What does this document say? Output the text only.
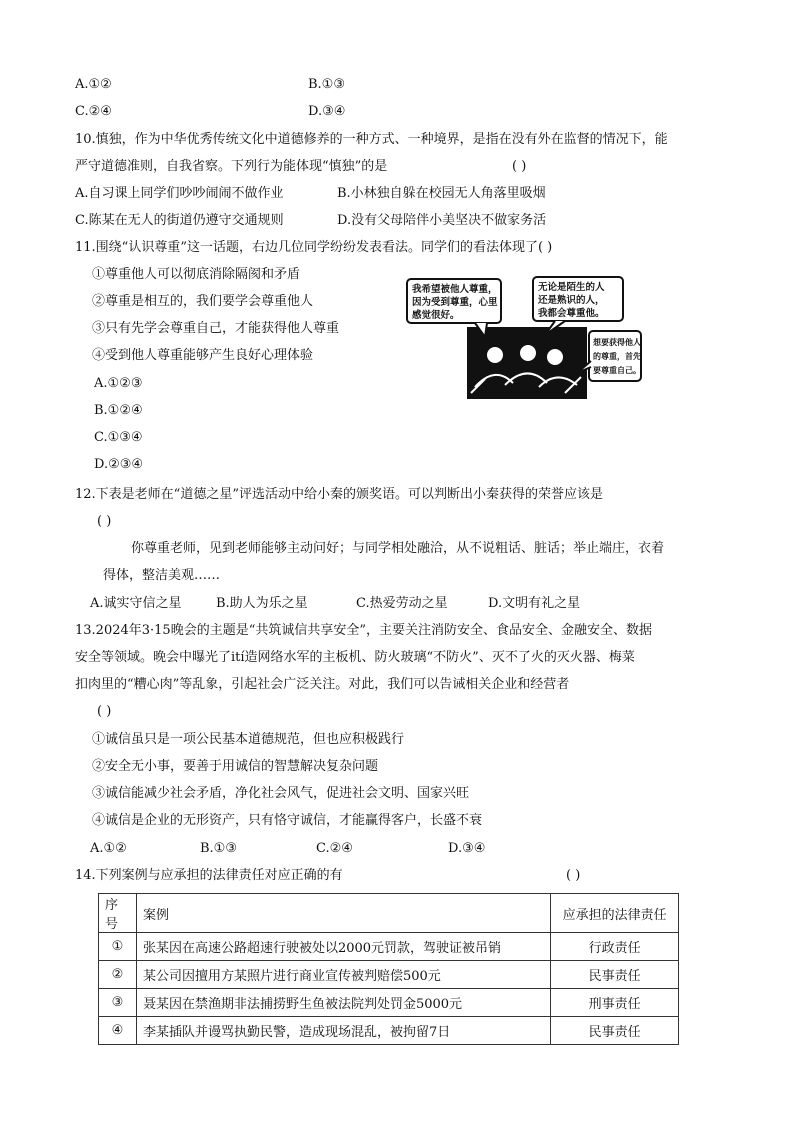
A.①②	B.①③
C.②④	D.③④
10.慎独，作为中华优秀传统文化中道德修养的一种方式、一种境界，是指在没有外在监督的情况下，能
严守道德准则，自我省察。下列行为能体现“慎独”的是	( )
A.自习课上同学们吵吵闹闹不做作业	B.小林独自躲在校园无人角落里吸烟
C.陈某在无人的街道仍遵守交通规则	D.没有父母陪伴小美坚决不做家务活
11.围绕“认识尊重”这一话题，右边几位同学纷纷发表看法。同学们的看法体现了( )
①尊重他人可以彻底消除隔阂和矛盾
②尊重是相互的，我们要学会尊重他人
③只有先学会尊重自己，才能获得他人尊重
④受到他人尊重能够产生良好心理体验
A.①②③
B.①②④
C.①③④
D.②③④
我希望被他人尊重，
因为受到尊重，心里
感觉很好。
无论是陌生的人
还是熟识的人，
我都会尊重他。
想要获得他人
的尊重，首先
要尊重自己。
12.下表是老师在“道德之星”评选活动中给小秦的颁奖语。可以判断出小秦获得的荣誉应该是
( )
你尊重老师，见到老师能够主动问好；与同学相处融洽，从不说粗话、脏话；举止端庄，衣着
得体，整洁美观……
A.诚实守信之星	B.助人为乐之星	C.热爱劳动之星	D.文明有礼之星
13.2024年3·15晚会的主题是“共筑诚信共享安全”，主要关注消防安全、食品安全、金融安全、数据
安全等领域。晚会中曝光了ití造网络水军的主板机、防火玻璃“不防火”、灭不了火的灭火器、梅菜
扣肉里的“糟心肉”等乱象，引起社会广泛关注。对此，我们可以告诫相关企业和经营者
( )
①诚信虽只是一项公民基本道德规范，但也应积极践行
②安全无小事，要善于用诚信的智慧解决复杂问题
③诚信能减少社会矛盾，净化社会风气，促进社会文明、国家兴旺
④诚信是企业的无形资产，只有恪守诚信，才能赢得客户，长盛不衰
A.①②	B.①③	C.②④	D.③④
14.下列案例与应承担的法律责任对应正确的有	( )
序号	案例	应承担的法律责任
①	张某因在高速公路超速行驶被处以2000元罚款，驾驶证被吊销	行政责任
②	某公司因擅用方某照片进行商业宣传被判赔偿500元	民事责任
③	聂某因在禁渔期非法捕捞野生鱼被法院判处罚金5000元	刑事责任
④	李某插队并谩骂执勤民警，造成现场混乱，被拘留7日	民事责任
